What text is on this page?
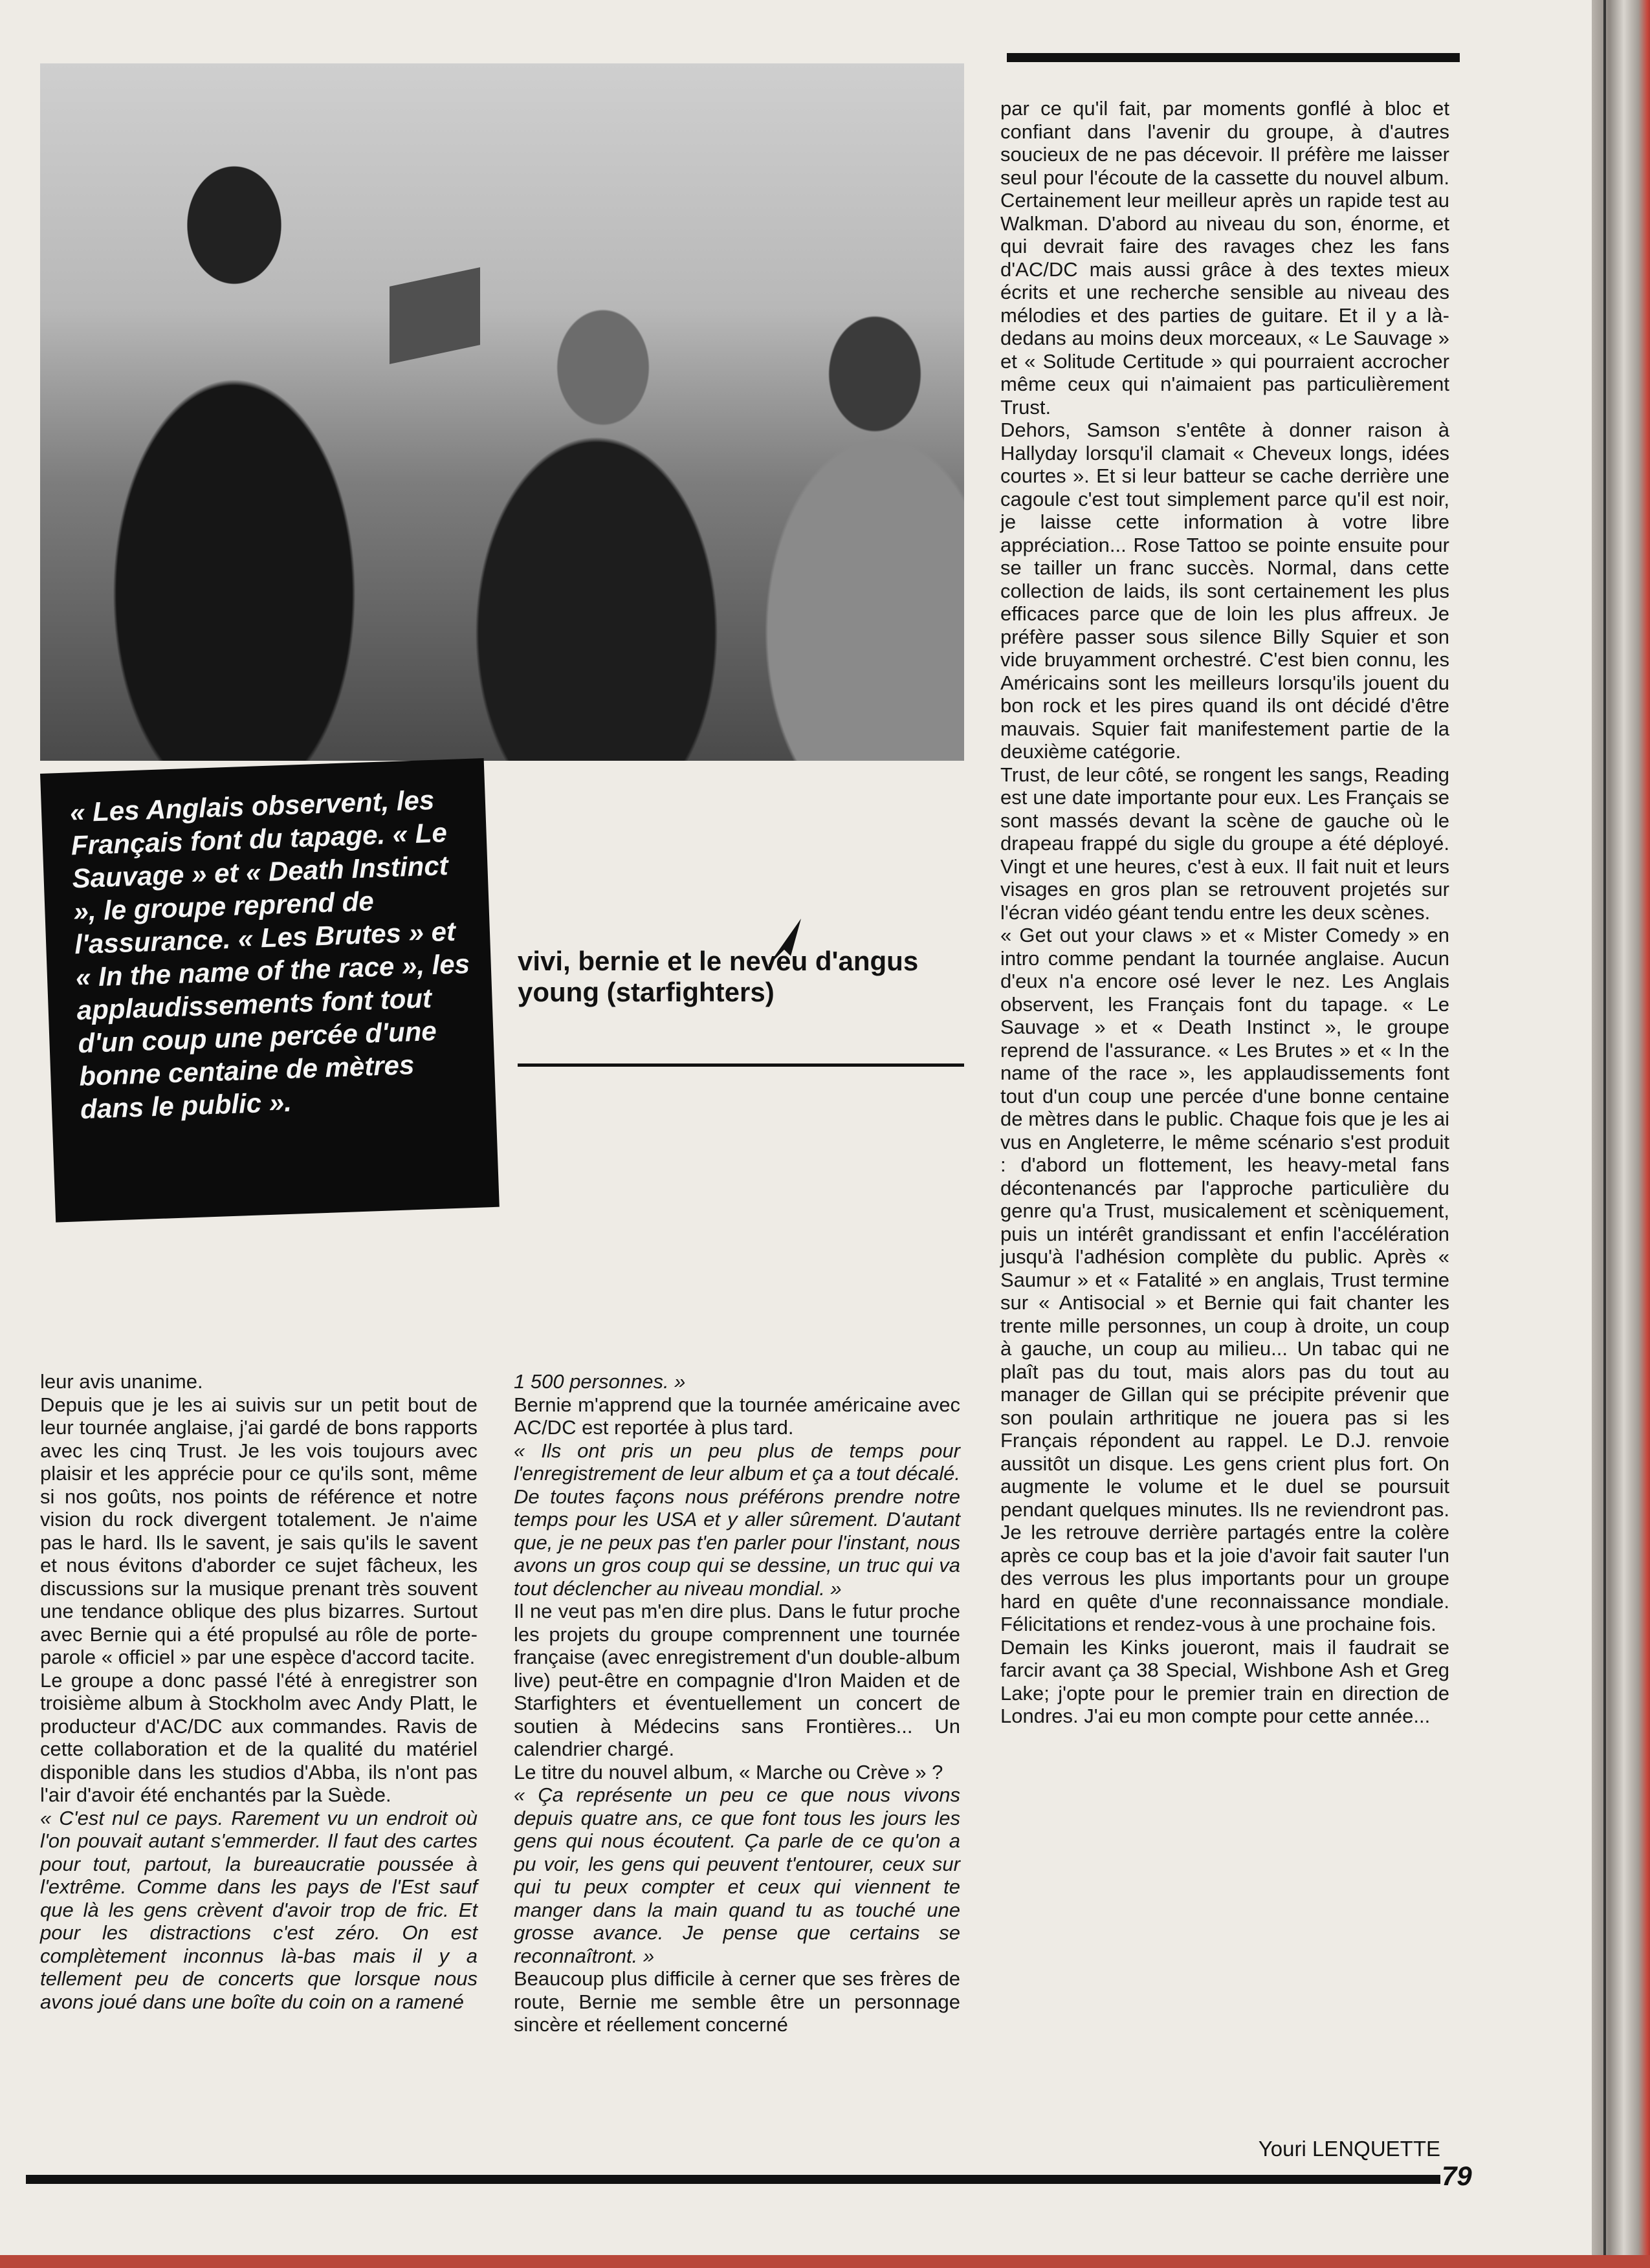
« Les Anglais observent, les Français font du tapage. « Le Sauvage » et « Death Instinct », le groupe reprend de l'assurance. « Les Brutes » et « In the name of the race », les applaudissements font tout d'un coup une percée d'une bonne centaine de mètres dans le public ».
vivi, bernie et le neveu d'angus young (starfighters)

par ce qu'il fait, par moments gonflé à bloc et confiant dans l'avenir du groupe, à d'autres soucieux de ne pas décevoir. Il préfère me laisser seul pour l'écoute de la cassette du nouvel album. Certainement leur meilleur après un rapide test au Walkman. D'abord au niveau du son, énorme, et qui devrait faire des ravages chez les fans d'AC/DC mais aussi grâce à des textes mieux écrits et une recherche sensible au niveau des mélodies et des parties de guitare. Et il y a là-dedans au moins deux morceaux, « Le Sauvage » et « Solitude Certitude » qui pourraient accrocher même ceux qui n'aimaient pas particulièrement Trust.

Dehors, Samson s'entête à donner raison à Hallyday lorsqu'il clamait « Cheveux longs, idées courtes ». Et si leur batteur se cache derrière une cagoule c'est tout simplement parce qu'il est noir, je laisse cette information à votre libre appréciation... Rose Tattoo se pointe ensuite pour se tailler un franc succès. Normal, dans cette collection de laids, ils sont certainement les plus efficaces parce que de loin les plus affreux. Je préfère passer sous silence Billy Squier et son vide bruyamment orchestré. C'est bien connu, les Américains sont les meilleurs lorsqu'ils jouent du bon rock et les pires quand ils ont décidé d'être mauvais. Squier fait manifestement partie de la deuxième catégorie.

Trust, de leur côté, se rongent les sangs, Reading est une date importante pour eux. Les Français se sont massés devant la scène de gauche où le drapeau frappé du sigle du groupe a été déployé. Vingt et une heures, c'est à eux. Il fait nuit et leurs visages en gros plan se retrouvent projetés sur l'écran vidéo géant tendu entre les deux scènes.

« Get out your claws » et « Mister Comedy » en intro comme pendant la tournée anglaise. Aucun d'eux n'a encore osé lever le nez. Les Anglais observent, les Français font du tapage. « Le Sauvage » et « Death Instinct », le groupe reprend de l'assurance. « Les Brutes » et « In the name of the race », les applaudissements font tout d'un coup une percée d'une bonne centaine de mètres dans le public. Chaque fois que je les ai vus en Angleterre, le même scénario s'est produit : d'abord un flottement, les heavy-metal fans décontenancés par l'approche particulière du genre qu'a Trust, musicalement et scèniquement, puis un intérêt grandissant et enfin l'accélération jusqu'à l'adhésion complète du public. Après « Saumur » et « Fatalité » en anglais, Trust termine sur « Antisocial » et Bernie qui fait chanter les trente mille personnes, un coup à droite, un coup à gauche, un coup au milieu... Un tabac qui ne plaît pas du tout, mais alors pas du tout au manager de Gillan qui se précipite prévenir que son poulain arthritique ne jouera pas si les Français répondent au rappel. Le D.J. renvoie aussitôt un disque. Les gens crient plus fort. On augmente le volume et le duel se poursuit pendant quelques minutes. Ils ne reviendront pas. Je les retrouve derrière partagés entre la colère après ce coup bas et la joie d'avoir fait sauter l'un des verrous les plus importants pour un groupe hard en quête d'une reconnaissance mondiale. Félicitations et rendez-vous à une prochaine fois.

Demain les Kinks joueront, mais il faudrait se farcir avant ça 38 Special, Wishbone Ash et Greg Lake; j'opte pour le premier train en direction de Londres. J'ai eu mon compte pour cette année...

leur avis unanime.

Depuis que je les ai suivis sur un petit bout de leur tournée anglaise, j'ai gardé de bons rapports avec les cinq Trust. Je les vois toujours avec plaisir et les apprécie pour ce qu'ils sont, même si nos goûts, nos points de référence et notre vision du rock divergent totalement. Je n'aime pas le hard. Ils le savent, je sais qu'ils le savent et nous évitons d'aborder ce sujet fâcheux, les discussions sur la musique prenant très souvent une tendance oblique des plus bizarres. Surtout avec Bernie qui a été propulsé au rôle de porte-parole « officiel » par une espèce d'accord tacite.

Le groupe a donc passé l'été à enregistrer son troisième album à Stockholm avec Andy Platt, le producteur d'AC/DC aux commandes. Ravis de cette collaboration et de la qualité du matériel disponible dans les studios d'Abba, ils n'ont pas l'air d'avoir été enchantés par la Suède.

« C'est nul ce pays. Rarement vu un endroit où l'on pouvait autant s'emmerder. Il faut des cartes pour tout, partout, la bureaucratie poussée à l'extrême. Comme dans les pays de l'Est sauf que là les gens crèvent d'avoir trop de fric. Et pour les distractions c'est zéro. On est complètement inconnus là-bas mais il y a tellement peu de concerts que lorsque nous avons joué dans une boîte du coin on a ramené

1 500 personnes. »

Bernie m'apprend que la tournée américaine avec AC/DC est reportée à plus tard.

« Ils ont pris un peu plus de temps pour l'enregistrement de leur album et ça a tout décalé. De toutes façons nous préférons prendre notre temps pour les USA et y aller sûrement. D'autant que, je ne peux pas t'en parler pour l'instant, nous avons un gros coup qui se dessine, un truc qui va tout déclencher au niveau mondial. »

Il ne veut pas m'en dire plus. Dans le futur proche les projets du groupe comprennent une tournée française (avec enregistrement d'un double-album live) peut-être en compagnie d'Iron Maiden et de Starfighters et éventuellement un concert de soutien à Médecins sans Frontières... Un calendrier chargé.

Le titre du nouvel album, « Marche ou Crève » ?

« Ça représente un peu ce que nous vivons depuis quatre ans, ce que font tous les jours les gens qui nous écoutent. Ça parle de ce qu'on a pu voir, les gens qui peuvent t'entourer, ceux sur qui tu peux compter et ceux qui viennent te manger dans la main quand tu as touché une grosse avance. Je pense que certains se reconnaîtront. »

Beaucoup plus difficile à cerner que ses frères de route, Bernie me semble être un personnage sincère et réellement concerné

Youri LENQUETTE
79
